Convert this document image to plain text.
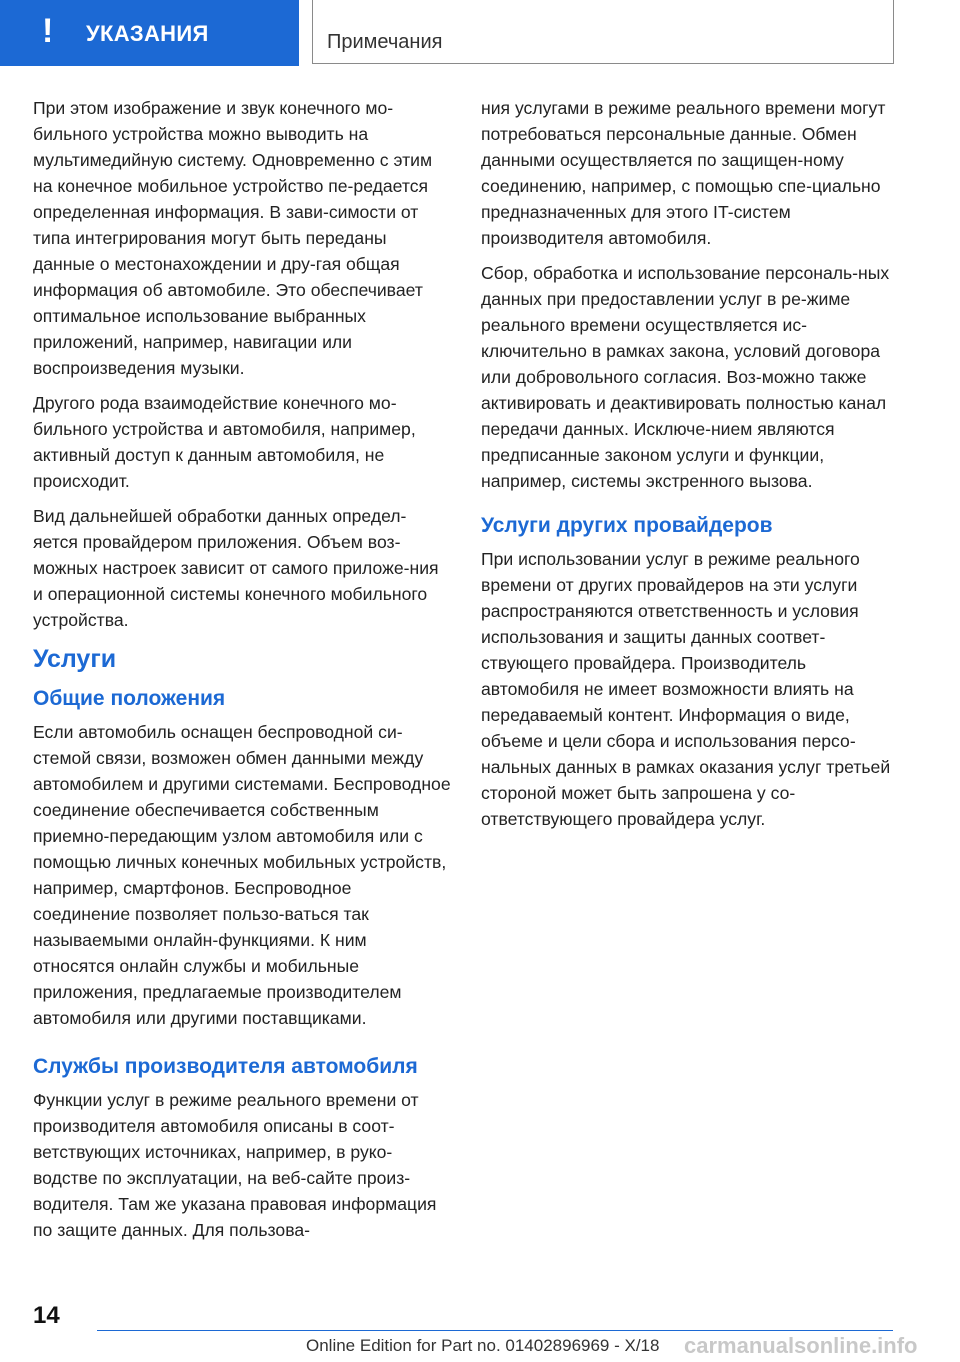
! УКАЗАНИЯ	Примечания

При этом изображение и звук конечного мо-бильного устройства можно выводить на мультимедийную систему. Одновременно с этим на конечное мобильное устройство пе-редается определенная информация. В зави-симости от типа интегрирования могут быть переданы данные о местонахождении и дру-гая общая информация об автомобиле. Это обеспечивает оптимальное использование выбранных приложений, например, навигации или воспроизведения музыки.

Другого рода взаимодействие конечного мо-бильного устройства и автомобиля, например, активный доступ к данным автомобиля, не происходит.

Вид дальнейшей обработки данных определ-яется провайдером приложения. Объем воз-можных настроек зависит от самого приложе-ния и операционной системы конечного мобильного устройства.

Услуги
Общие положения

Если автомобиль оснащен беспроводной си-стемой связи, возможен обмен данными между автомобилем и другими системами. Беспроводное соединение обеспечивается собственным приемно-передающим узлом автомобиля или с помощью личных конечных мобильных устройств, например, смартфонов. Беспроводное соединение позволяет пользо-ваться так называемыми онлайн-функциями. К ним относятся онлайн службы и мобильные приложения, предлагаемые производителем автомобиля или другими поставщиками.

Службы производителя автомобиля

Функции услуг в режиме реального времени от производителя автомобиля описаны в соот-ветствующих источниках, например, в руко-водстве по эксплуатации, на веб-сайте произ-водителя. Там же указана правовая информация по защите данных. Для пользова-

ния услугами в режиме реального времени могут потребоваться персональные данные. Обмен данными осуществляется по защищен-ному соединению, например, с помощью спе-циально предназначенных для этого IT-систем производителя автомобиля.

Сбор, обработка и использование персональ-ных данных при предоставлении услуг в ре-жиме реального времени осуществляется ис-ключительно в рамках закона, условий договора или добровольного согласия. Воз-можно также активировать и деактивировать полностью канал передачи данных. Исключе-нием являются предписанные законом услуги и функции, например, системы экстренного вызова.

Услуги других провайдеров

При использовании услуг в режиме реального времени от других провайдеров на эти услуги распространяются ответственность и условия использования и защиты данных соответ-ствующего провайдера. Производитель автомобиля не имеет возможности влиять на передаваемый контент. Информация о виде, объеме и цели сбора и использования персо-нальных данных в рамках оказания услуг третьей стороной может быть запрошена у со-ответствующего провайдера услуг.

14
Online Edition for Part no. 01402896969 - X/18 carmanualsonline.info
